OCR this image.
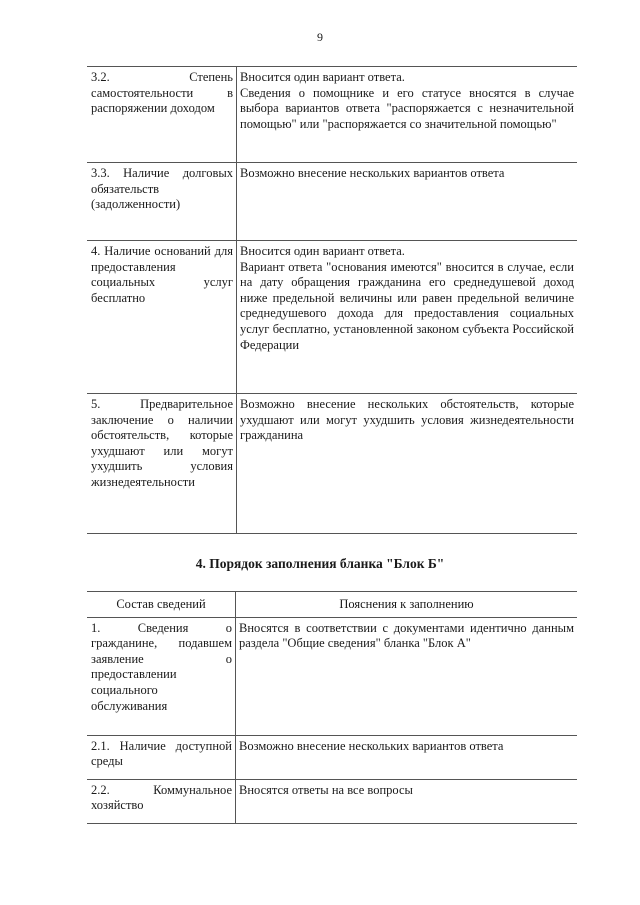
9
3.2. Степень самостоятельности в распоряжении доходом	Вносится один вариант ответа.
Сведения о помощнике и его статусе вносятся в случае выбора вариантов ответа "распоряжается с незначительной помощью" или "распоряжается со значительной помощью"

3.3. Наличие долговых обязательств (задолженности)	Возможно внесение нескольких вариантов ответа

4. Наличие оснований для предоставления социальных услуг бесплатно	Вносится один вариант ответа.
Вариант ответа "основания имеются" вносится в случае, если на дату обращения гражданина его среднедушевой доход ниже предельной величины или равен предельной величине среднедушевого дохода для предоставления социальных услуг бесплатно, установленной законом субъекта Российской Федерации

5. Предварительное заключение о наличии обстоятельств, которые ухудшают или могут ухудшить условия жизнедеятельности	Возможно внесение нескольких обстоятельств, которые ухудшают или могут ухудшить условия жизнедеятельности гражданина
4. Порядок заполнения бланка "Блок Б"
Состав сведений	Пояснения к заполнению
1. Сведения о гражданине, подавшем заявление о предоставлении социального обслуживания	Вносятся в соответствии с документами идентично данным раздела "Общие сведения" бланка "Блок А"

2.1. Наличие доступной среды	Возможно внесение нескольких вариантов ответа

2.2. Коммунальное хозяйство	Вносятся ответы на все вопросы
